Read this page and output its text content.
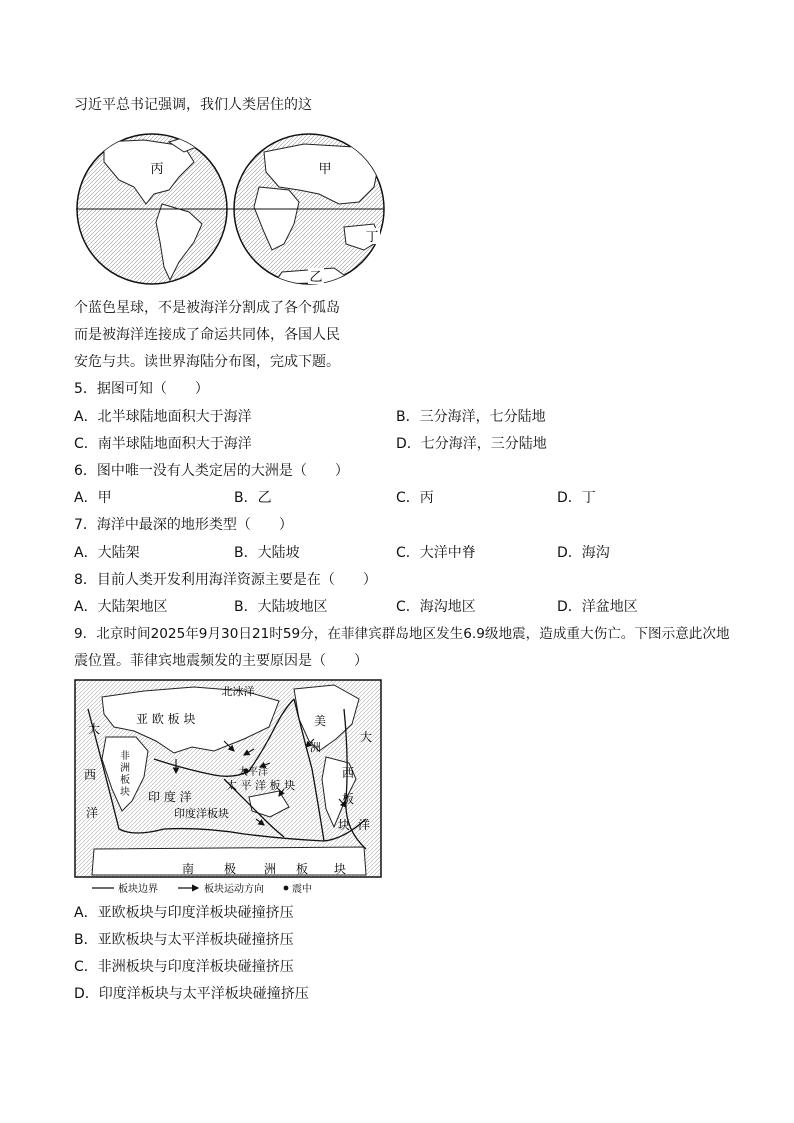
习近平总书记强调，我们人类居住的这
丙	甲
丁
乙
个蓝色星球，不是被海洋分割成了各个孤岛
而是被海洋连接成了命运共同体，各国人民
安危与共。读世界海陆分布图，完成下题。
5．据图可知（　　）
A．北半球陆地面积大于海洋	B．三分海洋，七分陆地
C．南半球陆地面积大于海洋	D．七分海洋，三分陆地
6．图中唯一没有人类定居的大洲是（　　）
A．甲	B．乙	C．丙	D．丁
7．海洋中最深的地形类型（　　）
A．大陆架	B．大陆坡	C．大洋中脊	D．海沟
8．目前人类开发利用海洋资源主要是在（　　）
A．大陆架地区	B．大陆坡地区	C．海沟地区	D．洋盆地区
9．北京时间2025年9月30日21时59分，在菲律宾群岛地区发生6.9级地震，造成重大伤亡。下图示意此次地
震位置。菲律宾地震频发的主要原因是（　　）
北冰洋
亚 欧 板 块	美
洲
大
西
洋
大
西
板
块 洋
非
洲
板
块
太平洋
太 平 洋 板 块
印 度 洋
印度洋板块
南 极 洲 板 块
板块边界	板块运动方向	震中
A．亚欧板块与印度洋板块碰撞挤压
B．亚欧板块与太平洋板块碰撞挤压
C．非洲板块与印度洋板块碰撞挤压
D．印度洋板块与太平洋板块碰撞挤压
